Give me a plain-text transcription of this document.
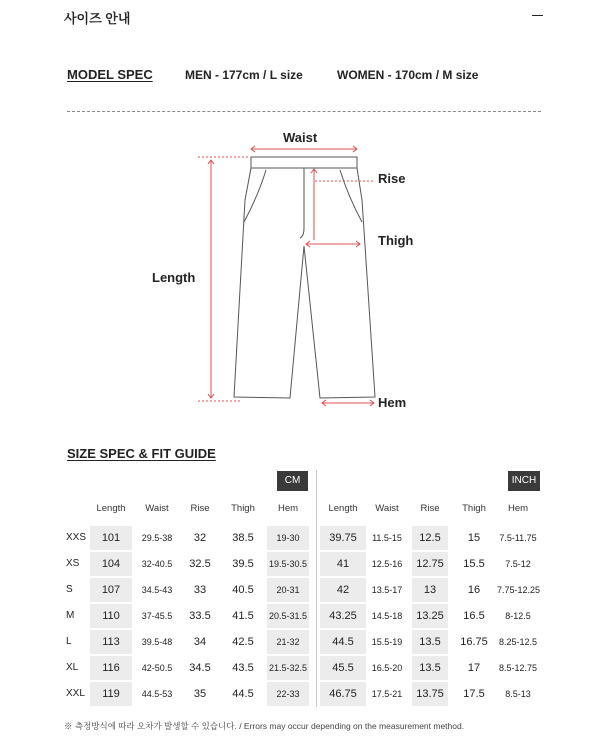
사이즈 안내
MODEL SPEC	MEN - 177cm / L size	WOMEN - 170cm / M size
Waist
Rise
Thigh
Length
Hem
SIZE SPEC & FIT GUIDE
CM	INCH
Length	Waist	Rise	Thigh	Hem	Length	Waist	Rise	Thigh	Hem
XXS	101	29.5-38	32	38.5	19-30	39.75	11.5-15	12.5	15	7.5-11.75
XS	104	32-40.5	32.5	39.5	19.5-30.5	41	12.5-16	12.75	15.5	7.5-12
S	107	34.5-43	33	40.5	20-31	42	13.5-17	13	16	7.75-12.25
M	110	37-45.5	33.5	41.5	20.5-31.5	43.25	14.5-18	13.25	16.5	8-12.5
L	113	39.5-48	34	42.5	21-32	44.5	15.5-19	13.5	16.75	8.25-12.5
XL	116	42-50.5	34.5	43.5	21.5-32.5	45.5	16.5-20	13.5	17	8.5-12.75
XXL	119	44.5-53	35	44.5	22-33	46.75	17.5-21	13.75	17.5	8.5-13
※ 측정방식에 따라 오차가 발생할 수 있습니다. / Errors may occur depending on the measurement method.
